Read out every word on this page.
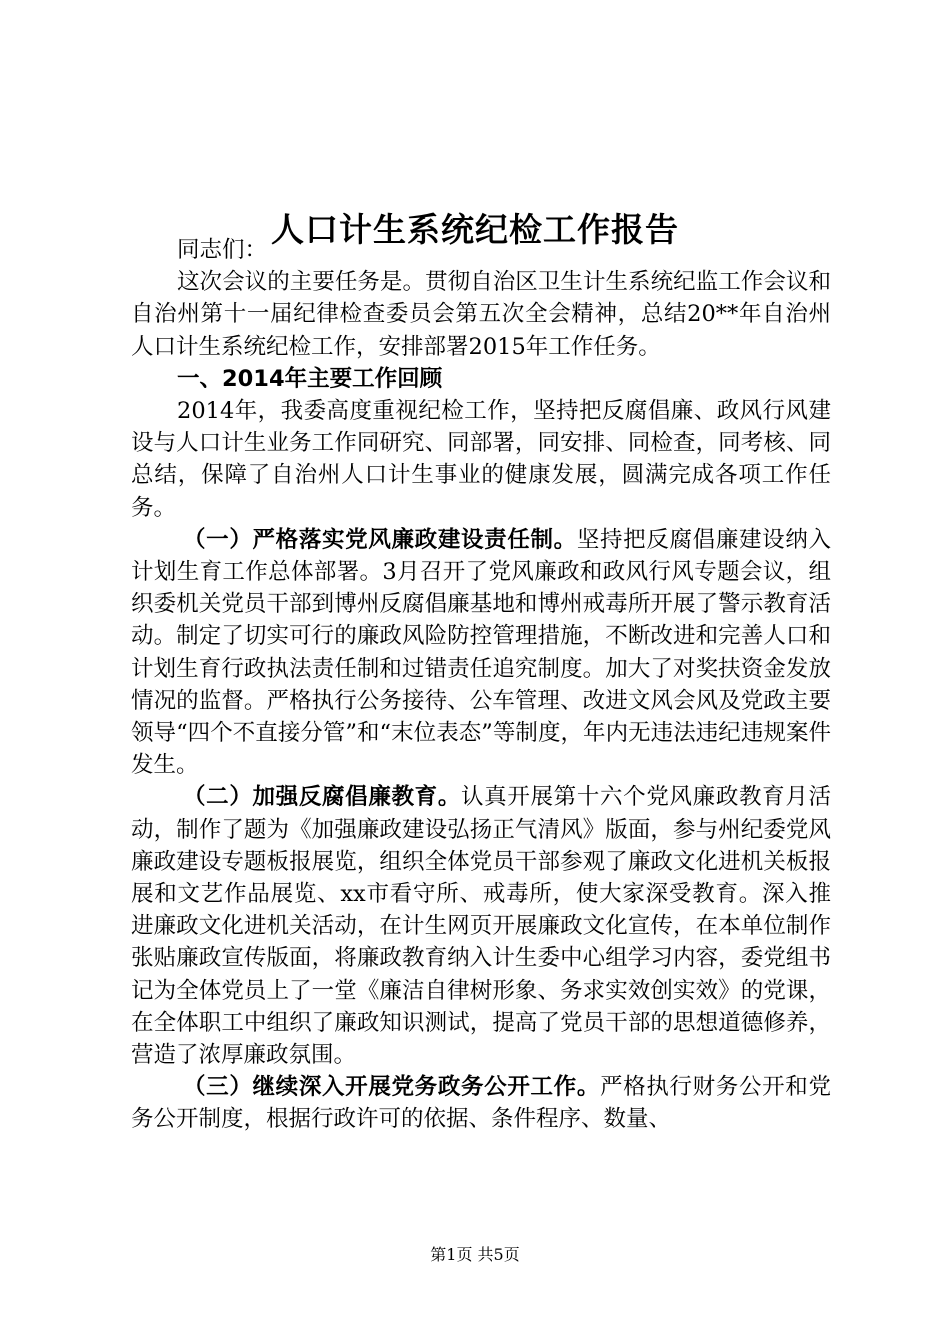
人口计生系统纪检工作报告

同志们：

这次会议的主要任务是。贯彻自治区卫生计生系统纪监工作会议和自治州第十一届纪律检查委员会第五次全会精神，总结20**年自治州人口计生系统纪检工作，安排部署2015年工作任务。

一、2014年主要工作回顾

2014年，我委高度重视纪检工作，坚持把反腐倡廉、政风行风建设与人口计生业务工作同研究、同部署，同安排、同检查，同考核、同总结，保障了自治州人口计生事业的健康发展，圆满完成各项工作任务。

（一）严格落实党风廉政建设责任制。坚持把反腐倡廉建设纳入计划生育工作总体部署。3月召开了党风廉政和政风行风专题会议，组织委机关党员干部到博州反腐倡廉基地和博州戒毒所开展了警示教育活动。制定了切实可行的廉政风险防控管理措施，不断改进和完善人口和计划生育行政执法责任制和过错责任追究制度。加大了对奖扶资金发放情况的监督。严格执行公务接待、公车管理、改进文风会风及党政主要领导“四个不直接分管”和“末位表态”等制度，年内无违法违纪违规案件发生。

（二）加强反腐倡廉教育。认真开展第十六个党风廉政教育月活动，制作了题为《加强廉政建设弘扬正气清风》版面，参与州纪委党风廉政建设专题板报展览，组织全体党员干部参观了廉政文化进机关板报展和文艺作品展览、xx市看守所、戒毒所，使大家深受教育。深入推进廉政文化进机关活动，在计生网页开展廉政文化宣传，在本单位制作张贴廉政宣传版面，将廉政教育纳入计生委中心组学习内容，委党组书记为全体党员上了一堂《廉洁自律树形象、务求实效创实效》的党课，在全体职工中组织了廉政知识测试，提高了党员干部的思想道德修养，营造了浓厚廉政氛围。

（三）继续深入开展党务政务公开工作。严格执行财务公开和党务公开制度，根据行政许可的依据、条件程序、数量、

第1页 共5页
